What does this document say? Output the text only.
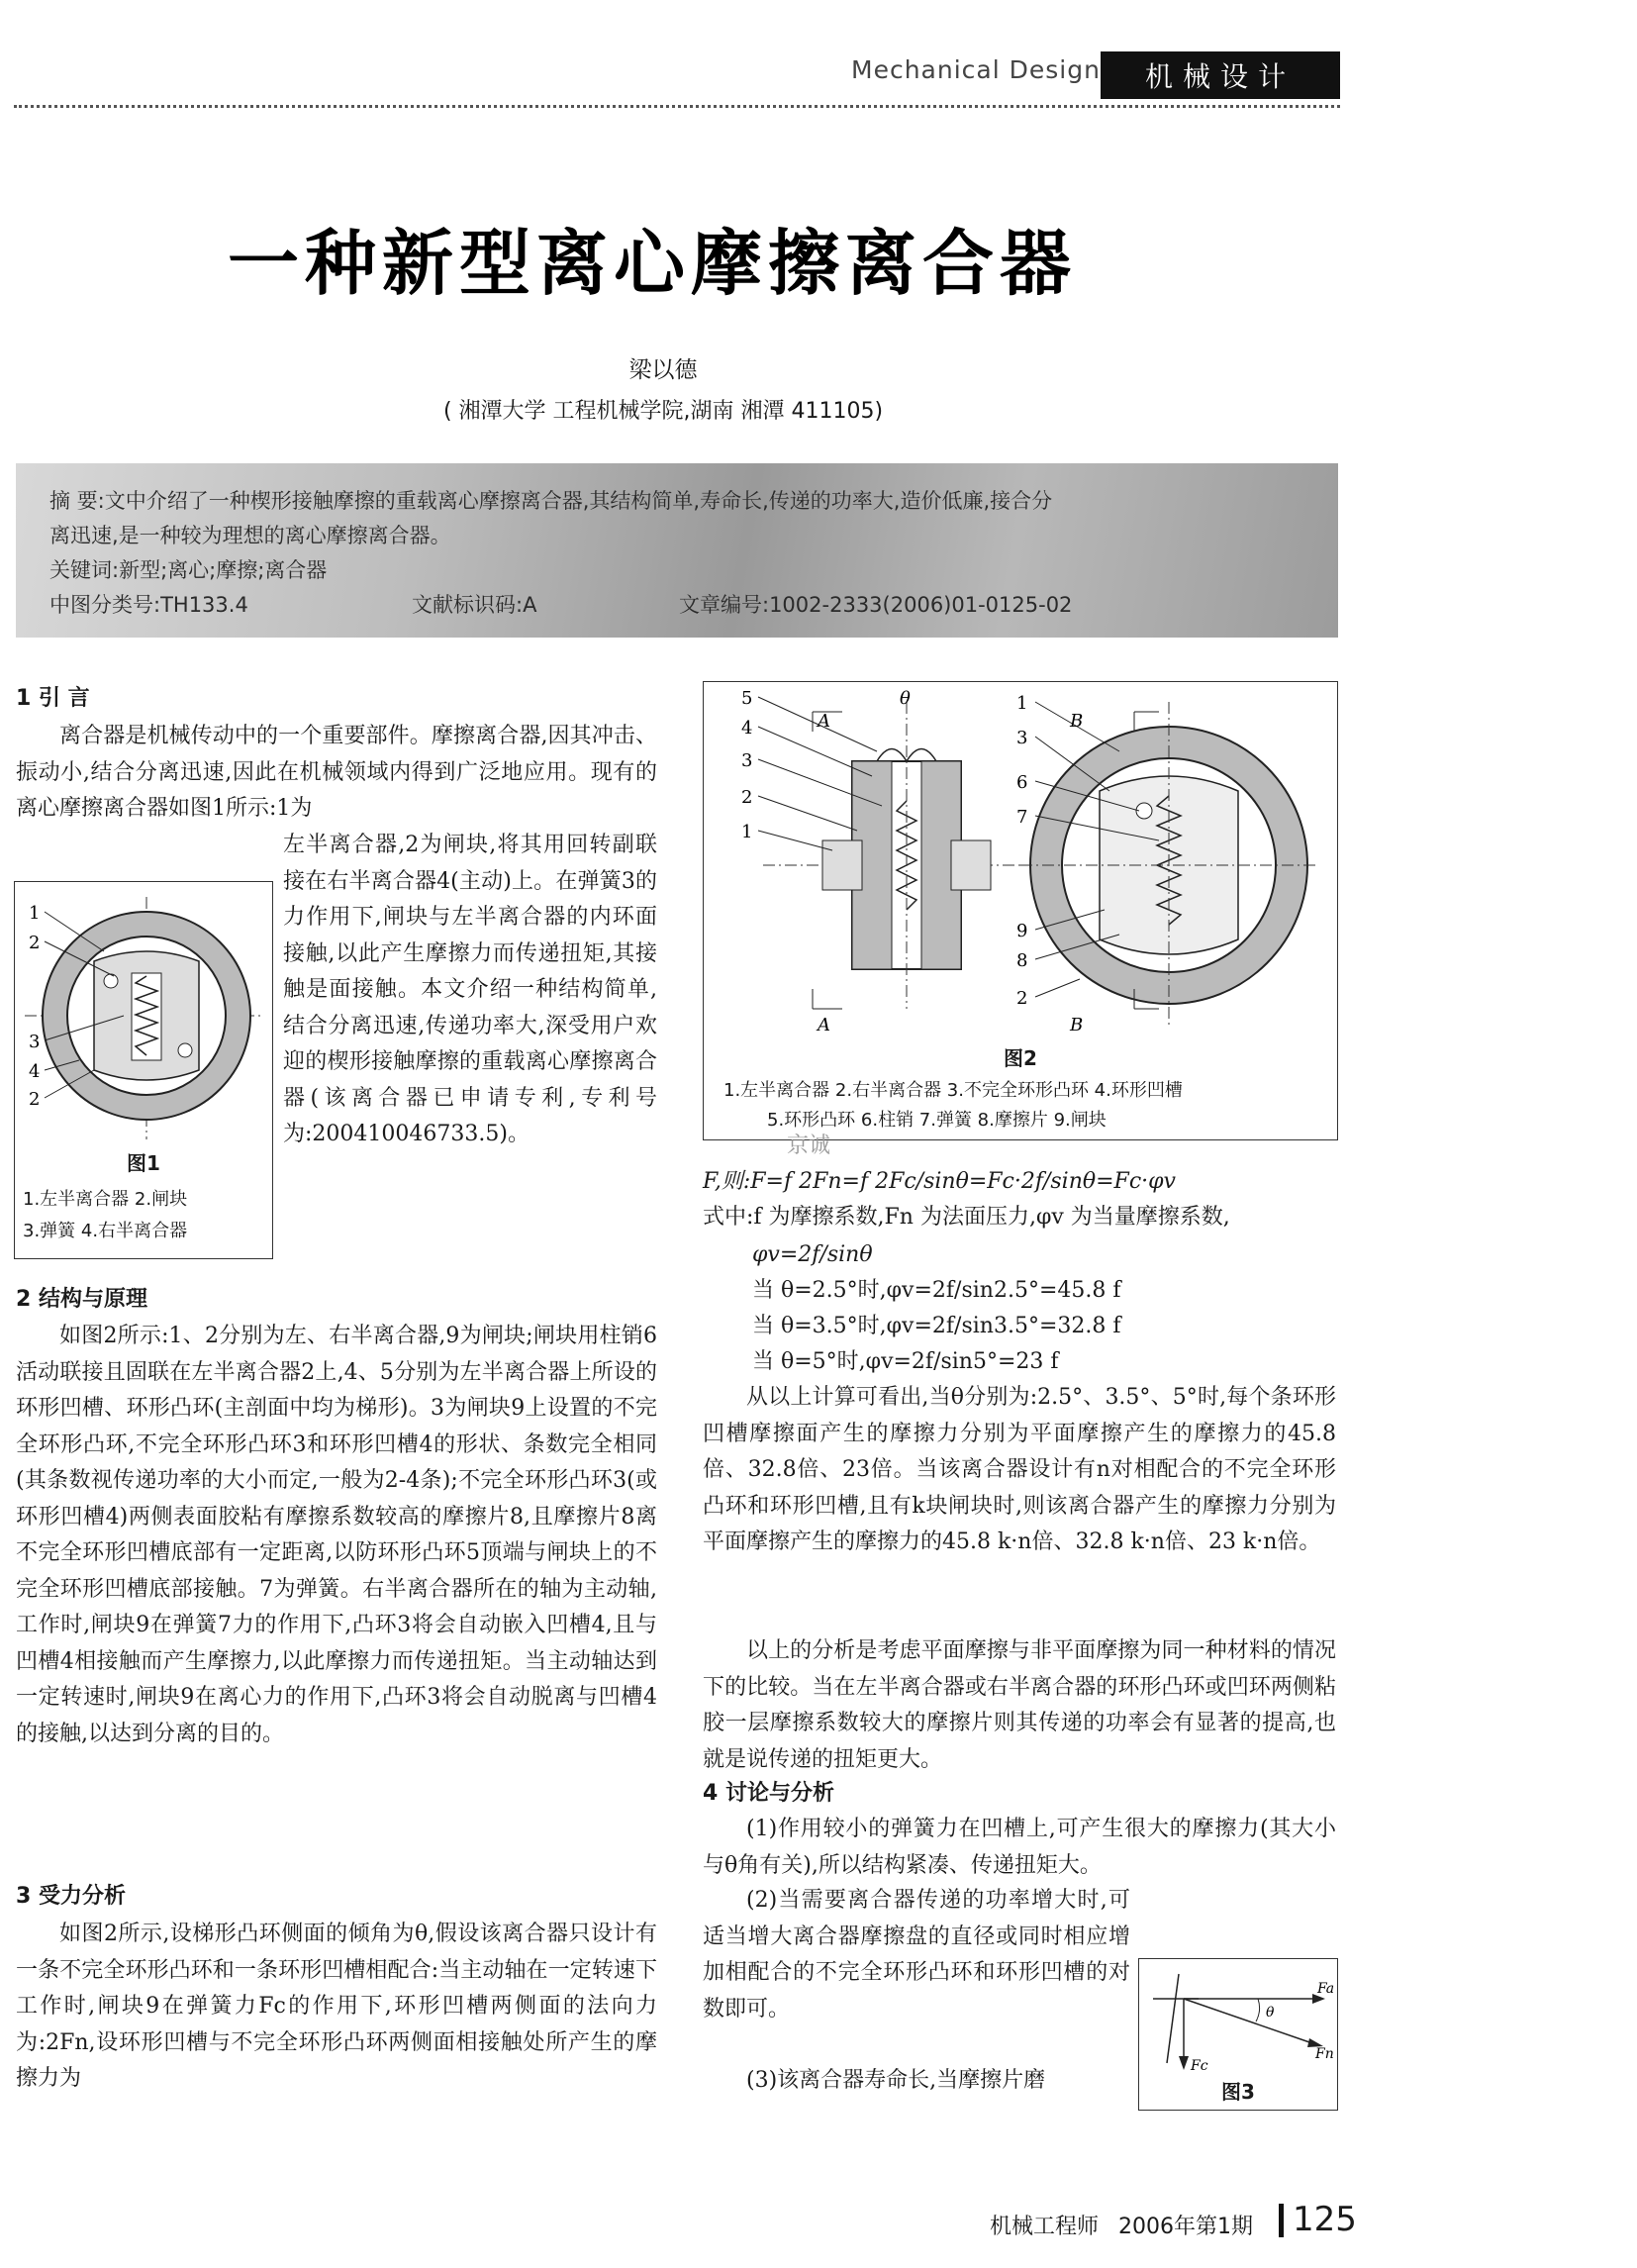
Mechanical Design	机械设计
一种新型离心摩擦离合器
梁以德
( 湘潭大学 工程机械学院,湖南 湘潭 411105)
摘 要:文中介绍了一种楔形接触摩擦的重载离心摩擦离合器,其结构简单,寿命长,传递的功率大,造价低廉,接合分
离迅速,是一种较为理想的离心摩擦离合器。
关键词:新型;离心;摩擦;离合器
中图分类号:TH133.4	文献标识码:A	文章编号:1002-2333(2006)01-0125-02
1 引 言
离合器是机械传动中的一个重要部件。摩擦离合器,因其冲击、振动小,结合分离迅速,因此在机械领域内得到广泛地应用。现有的离心摩擦离合器如图1所示:1为
1
2
3
4
2
图1
1.左半离合器 2.闸块
3.弹簧 4.右半离合器
左半离合器,2为闸块,将其用回转副联接在右半离合器4(主动)上。在弹簧3的力作用下,闸块与左半离合器的内环面接触,以此产生摩擦力而传递扭矩,其接触是面接触。本文介绍一种结构简单,结合分离迅速,传递功率大,深受用户欢迎的楔形接触摩擦的重载离心摩擦离合器(该离合器已申请专利,专利号为:200410046733.5)。
2 结构与原理
如图2所示:1、2分别为左、右半离合器,9为闸块;闸块用柱销6活动联接且固联在左半离合器2上,4、5分别为左半离合器上所设的环形凹槽、环形凸环(主剖面中均为梯形)。3为闸块9上设置的不完全环形凸环,不完全环形凸环3和环形凹槽4的形状、条数完全相同(其条数视传递功率的大小而定,一般为2-4条);不完全环形凸环3(或环形凹槽4)两侧表面胶粘有摩擦系数较高的摩擦片8,且摩擦片8离不完全环形凹槽底部有一定距离,以防环形凸环5顶端与闸块上的不完全环形凹槽底部接触。7为弹簧。右半离合器所在的轴为主动轴,工作时,闸块9在弹簧7力的作用下,凸环3将会自动嵌入凹槽4,且与凹槽4相接触而产生摩擦力,以此摩擦力而传递扭矩。当主动轴达到一定转速时,闸块9在离心力的作用下,凸环3将会自动脱离与凹槽4的接触,以达到分离的目的。
3 受力分析
如图2所示,设梯形凸环侧面的倾角为θ,假设该离合器只设计有一条不完全环形凸环和一条环形凹槽相配合:当主动轴在一定转速下工作时,闸块9在弹簧力Fc的作用下,环形凹槽两侧面的法向力为:2Fn,设环形凹槽与不完全环形凸环两侧面相接触处所产生的摩擦力为
5
4
3
2
1
θ
A
A
1
3
6
7
9
8
2
B
B
图2
1.左半离合器 2.右半离合器 3.不完全环形凸环 4.环形凹槽
5.环形凸环 6.柱销 7.弹簧 8.摩擦片 9.闸块
京诚
F,则:F=f 2Fn=f 2Fc/sinθ=Fc·2f/sinθ=Fc·φv
式中:f 为摩擦系数,Fn 为法面压力,φv 为当量摩擦系数,
φv=2f/sinθ
当 θ=2.5°时,φv=2f/sin2.5°=45.8 f
当 θ=3.5°时,φv=2f/sin3.5°=32.8 f
当 θ=5°时,φv=2f/sin5°=23 f
从以上计算可看出,当θ分别为:2.5°、3.5°、5°时,每个条环形凹槽摩擦面产生的摩擦力分别为平面摩擦产生的摩擦力的45.8倍、32.8倍、23倍。当该离合器设计有n对相配合的不完全环形凸环和环形凹槽,且有k块闸块时,则该离合器产生的摩擦力分别为平面摩擦产生的摩擦力的45.8 k·n倍、32.8 k·n倍、23 k·n倍。
以上的分析是考虑平面摩擦与非平面摩擦为同一种材料的情况下的比较。当在左半离合器或右半离合器的环形凸环或凹环两侧粘胶一层摩擦系数较大的摩擦片则其传递的功率会有显著的提高,也就是说传递的扭矩更大。
4 讨论与分析
(1)作用较小的弹簧力在凹槽上,可产生很大的摩擦力(其大小与θ角有关),所以结构紧凑、传递扭矩大。
(2)当需要离合器传递的功率增大时,可适当增大离合器摩擦盘的直径或同时相应增加相配合的不完全环形凸环和环形凹槽的对数即可。
(3)该离合器寿命长,当摩擦片磨
Fa
Fn
Fc
θ
图3
机械工程师 2006年第1期 125
